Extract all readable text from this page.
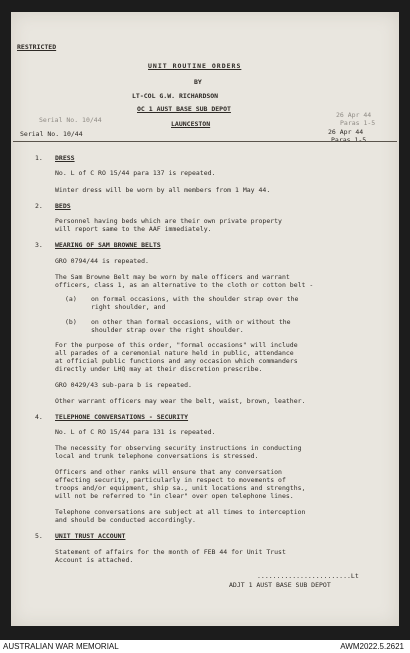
RESTRICTED
UNIT ROUTINE ORDERS
BY
LT-COL G.W. RICHARDSON
OC 1 AUST BASE SUB DEPOT
LAUNCESTON
Serial No. 10/44
26 Apr 44
Paras 1-5
Serial No. 10/44	26 Apr 44
Paras 1-5
1. DRESS
No. L of C RO 15/44 para 137 is repeated.
Winter dress will be worn by all members from 1 May 44.
2. BEDS
Personnel having beds which are their own private property
will report same to the AAF immediately.
3. WEARING OF SAM BROWNE BELTS
GRO 0794/44 is repeated.
The Sam Browne Belt may be worn by male officers and warrant
officers, class 1, as an alternative to the cloth or cotton belt -
(a) on formal occasions, with the shoulder strap over the
right shoulder, and
(b) on other than formal occasions, with or without the
shoulder strap over the right shoulder.
For the purpose of this order, "formal occasions" will include
all parades of a ceremonial nature held in public, attendance
at official public functions and any occasion which commanders
directly under LHQ may at their discretion prescribe.
GRO 0429/43 sub-para b is repeated.
Other warrant officers may wear the belt, waist, brown, leather.
4. TELEPHONE CONVERSATIONS - SECURITY
No. L of C RO 15/44 para 131 is repeated.
The necessity for observing security instructions in conducting
local and trunk telephone conversations is stressed.
Officers and other ranks will ensure that any conversation
effecting security, particularly in respect to movements of
troops and/or equipment, ship sa., unit locations and strengths,
will not be referred to "in clear" over open telephone lines.
Telephone conversations are subject at all times to interception
and should be conducted accordingly.
5. UNIT TRUST ACCOUNT
Statement of affairs for the month of FEB 44 for Unit Trust
Account is attached.
........................Lt
ADJT 1 AUST BASE SUB DEPOT
AUSTRALIAN WAR MEMORIAL	AWM2022.5.2621
